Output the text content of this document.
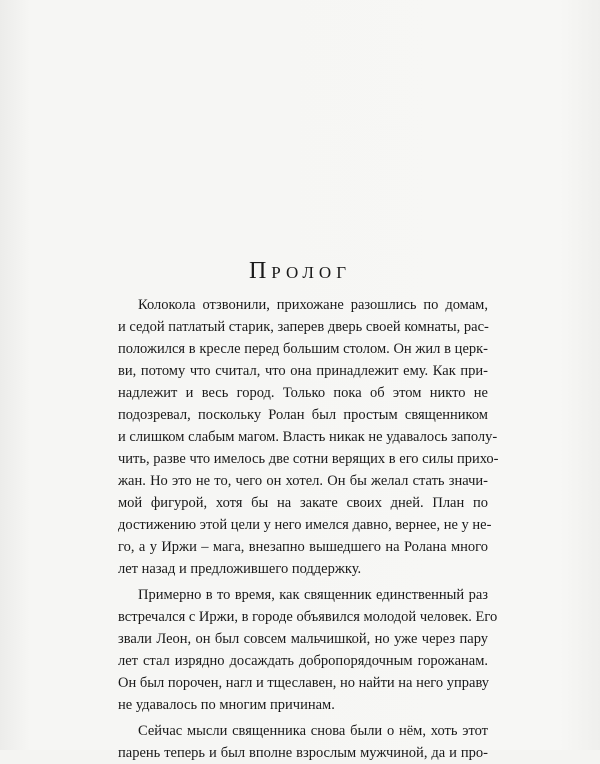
Пролог
Колокола отзвонили, прихожане разошлись по домам,
и седой патлатый старик, заперев дверь своей комнаты, рас-
положился в кресле перед большим столом. Он жил в церк-
ви, потому что считал, что она принадлежит ему. Как при-
надлежит и весь город. Только пока об этом никто не
подозревал, поскольку Ролан был простым священником
и слишком слабым магом. Власть никак не удавалось заполу-
чить, разве что имелось две сотни верящих в его силы прихо-
жан. Но это не то, чего он хотел. Он бы желал стать значи-
мой фигурой, хотя бы на закате своих дней. План по
достижению этой цели у него имелся давно, вернее, не у не-
го, а у Иржи – мага, внезапно вышедшего на Ролана много
лет назад и предложившего поддержку.
Примерно в то время, как священник единственный раз
встречался с Иржи, в городе объявился молодой человек. Его
звали Леон, он был совсем мальчишкой, но уже через пару
лет стал изрядно досаждать добропорядочным горожанам.
Он был порочен, нагл и тщеславен, но найти на него управу
не удавалось по многим причинам.
Сейчас мысли священника снова были о нём, хоть этот
парень теперь и был вполне взрослым мужчиной, да и про-
